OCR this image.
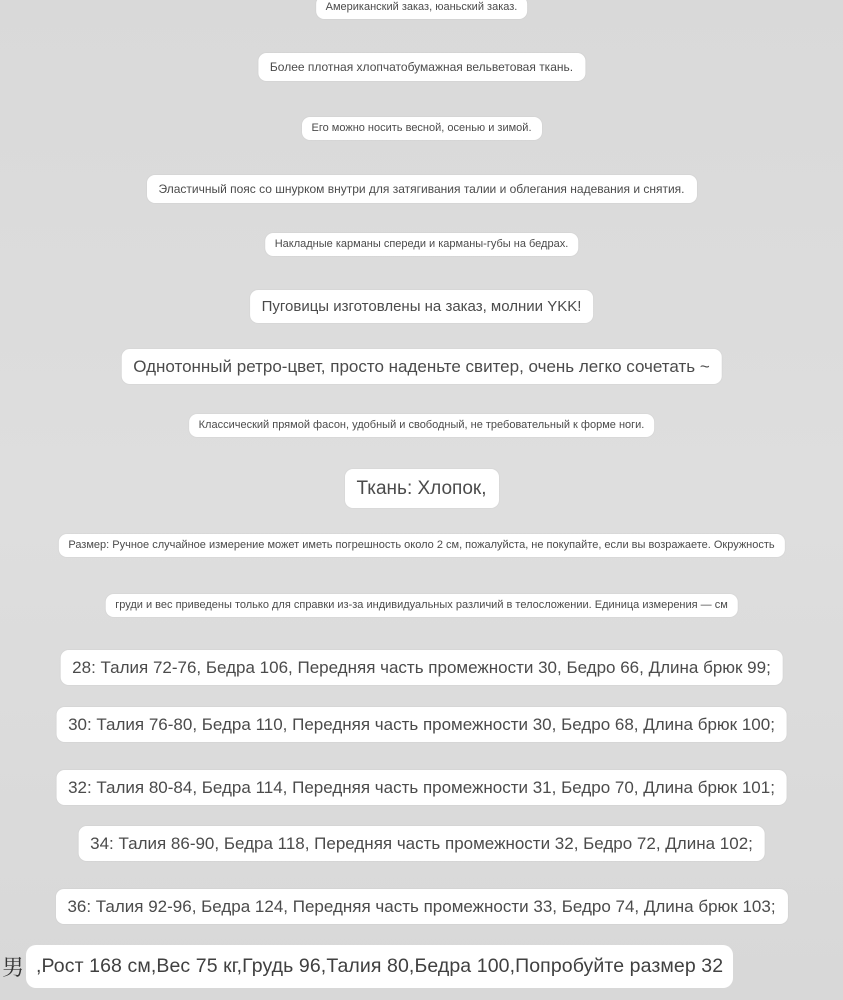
Американский заказ, юаньский заказ.
Более плотная хлопчатобумажная вельветовая ткань.
Его можно носить весной, осенью и зимой.
Эластичный пояс со шнурком внутри для затягивания талии и облегания надевания и снятия.
Накладные карманы спереди и карманы-губы на бедрах.
Пуговицы изготовлены на заказ, молнии YKK!
Однотонный ретро-цвет, просто наденьте свитер, очень легко сочетать ~
Классический прямой фасон, удобный и свободный, не требовательный к форме ноги.
Ткань: Хлопок,
Размер: Ручное случайное измерение может иметь погрешность около 2 см, пожалуйста, не покупайте, если вы возражаете. Окружность
груди и вес приведены только для справки из-за индивидуальных различий в телосложении. Единица измерения — см
28: Талия 72-76, Бедра 106, Передняя часть промежности 30, Бедро 66, Длина брюк 99;
30: Талия 76-80, Бедра 110, Передняя часть промежности 30, Бедро 68, Длина брюк 100;
32: Талия 80-84, Бедра 114, Передняя часть промежности 31, Бедро 70, Длина брюк 101;
34: Талия 86-90, Бедра 118, Передняя часть промежности 32, Бедро 72, Длина 102;
36: Талия 92-96, Бедра 124, Передняя часть промежности 33, Бедро 74, Длина брюк 103;
男 ,Рост 168 см,Вес 75 кг,Грудь 96,Талия 80,Бедра 100,Попробуйте размер 32
